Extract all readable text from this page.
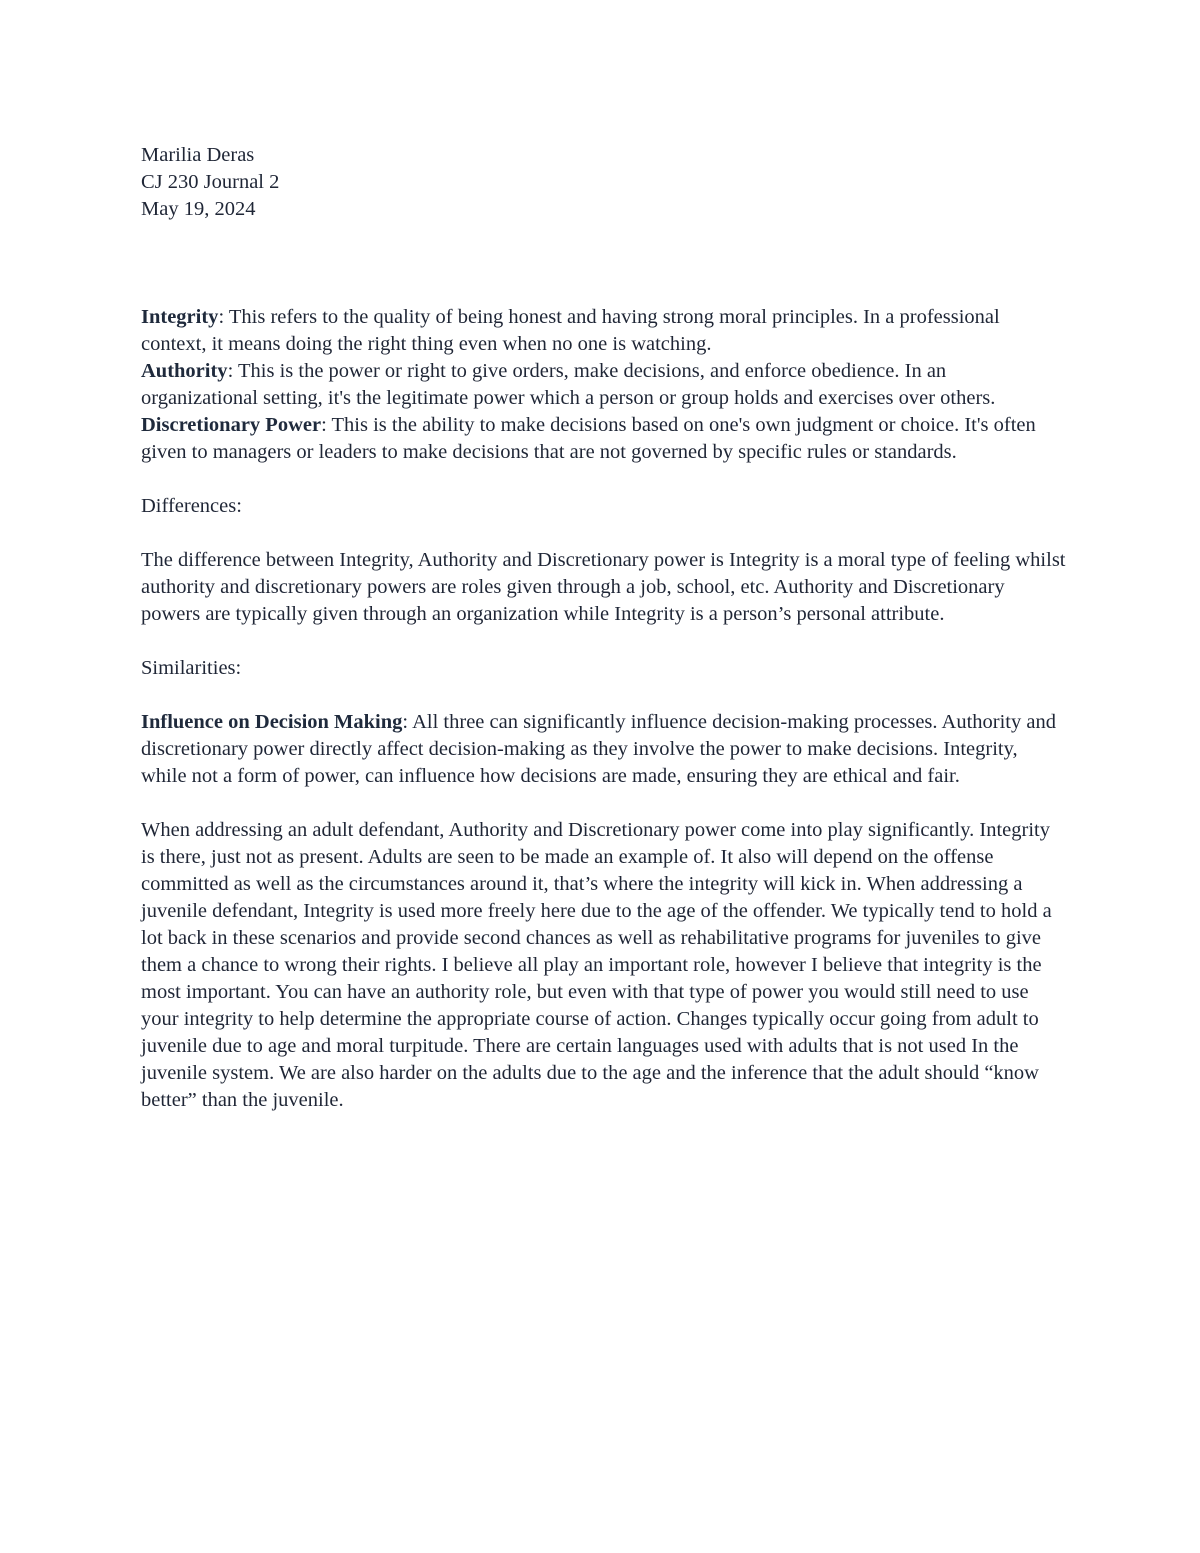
Marilia Deras

CJ 230 Journal 2

May 19, 2024

Integrity: This refers to the quality of being honest and having strong moral principles. In a professional context, it means doing the right thing even when no one is watching.

Authority: This is the power or right to give orders, make decisions, and enforce obedience. In an organizational setting, it's the legitimate power which a person or group holds and exercises over others.

Discretionary Power: This is the ability to make decisions based on one's own judgment or choice. It's often given to managers or leaders to make decisions that are not governed by specific rules or standards.

Differences:

The difference between Integrity, Authority and Discretionary power is Integrity is a moral type of feeling whilst authority and discretionary powers are roles given through a job, school, etc. Authority and Discretionary powers are typically given through an organization while Integrity is a person’s personal attribute.

Similarities:

Influence on Decision Making: All three can significantly influence decision-making processes. Authority and discretionary power directly affect decision-making as they involve the power to make decisions. Integrity, while not a form of power, can influence how decisions are made, ensuring they are ethical and fair.

When addressing an adult defendant, Authority and Discretionary power come into play significantly. Integrity is there, just not as present. Adults are seen to be made an example of. It also will depend on the offense committed as well as the circumstances around it, that’s where the integrity will kick in. When addressing a juvenile defendant, Integrity is used more freely here due to the age of the offender. We typically tend to hold a lot back in these scenarios and provide second chances as well as rehabilitative programs for juveniles to give them a chance to wrong their rights. I believe all play an important role, however I believe that integrity is the most important. You can have an authority role, but even with that type of power you would still need to use your integrity to help determine the appropriate course of action. Changes typically occur going from adult to juvenile due to age and moral turpitude. There are certain languages used with adults that is not used In the juvenile system. We are also harder on the adults due to the age and the inference that the adult should “know better” than the juvenile.
